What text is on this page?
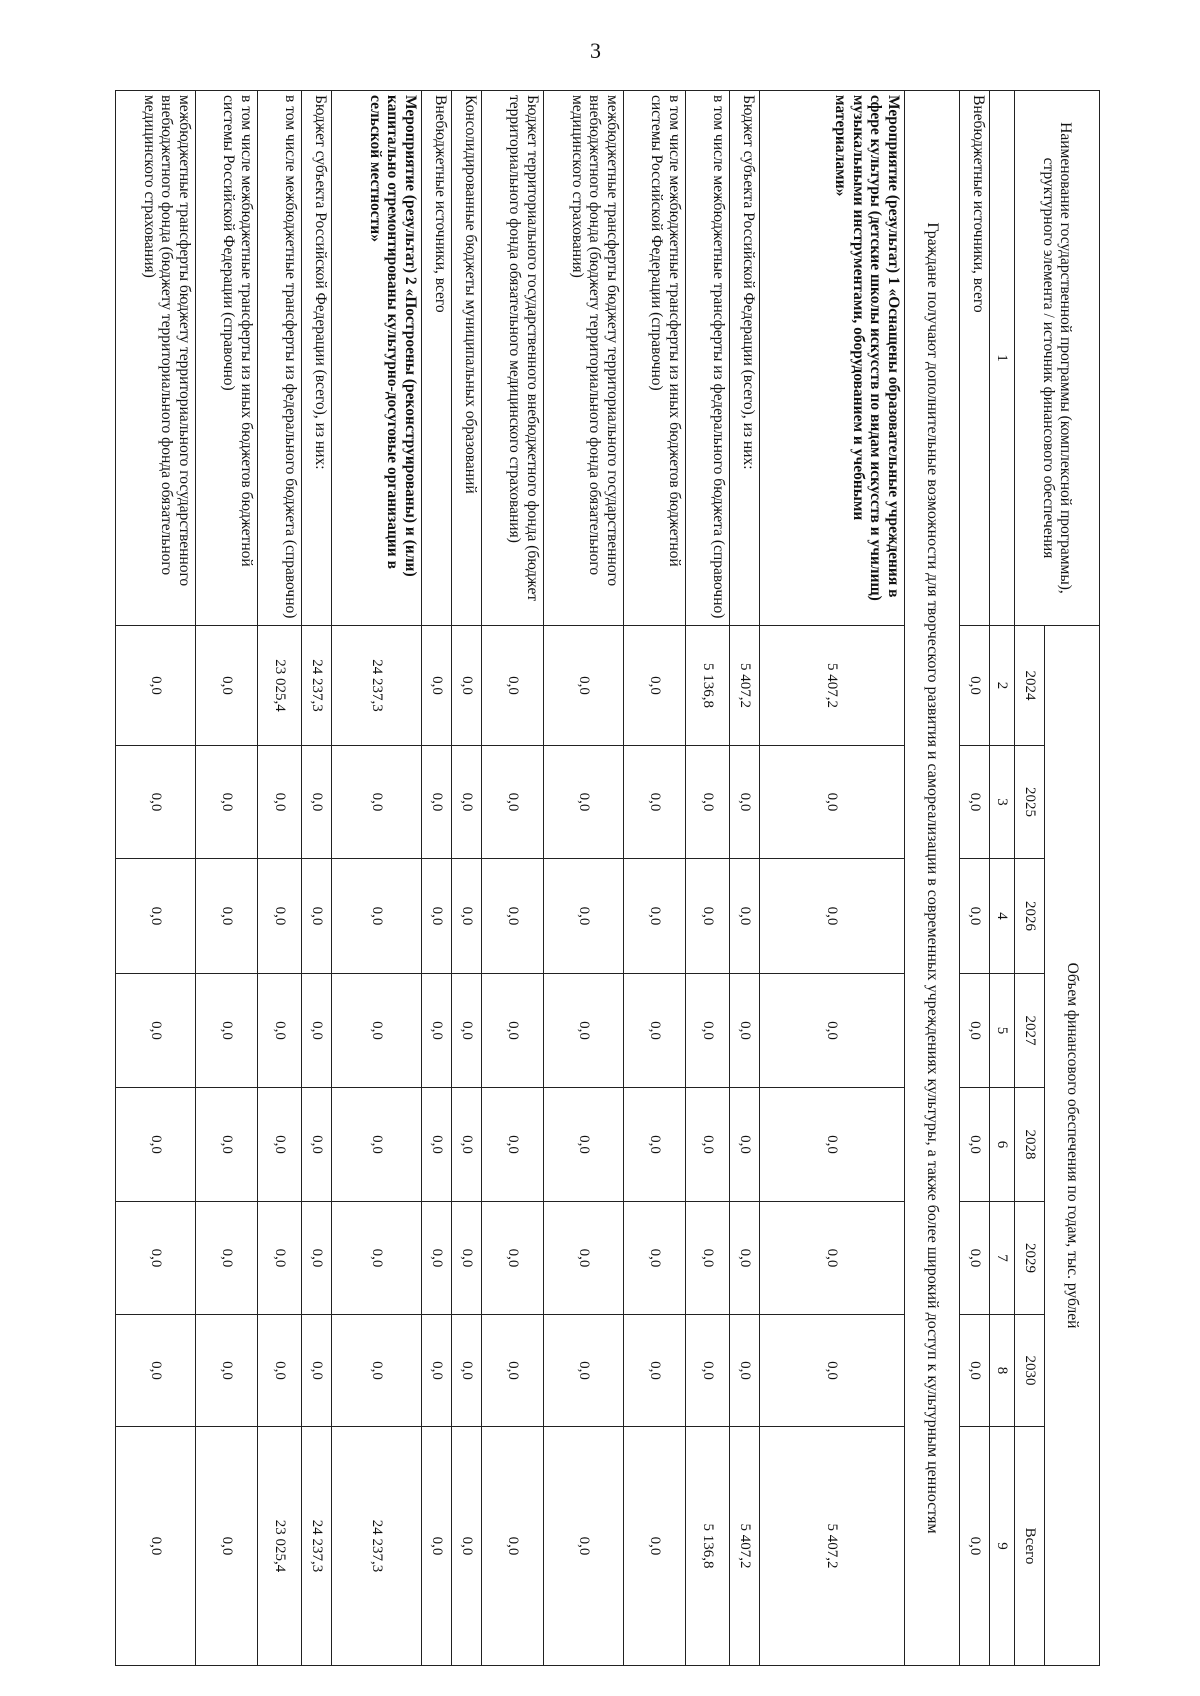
3
Наименование государственной программы (комплексной программы), структурного элемента / источник финансового обеспечения	Объем финансового обеспечения по годам, тыс. рублей							
	2024	2025	2026	2027	2028	2029	2030	Всего
1	2	3	4	5	6	7	8	9
Внебюджетные источники, всего	0,0	0,0	0,0	0,0	0,0	0,0	0,0	0,0
Граждане получают дополнительные возможности для творческого развития и самореализации в современных учреждениях культуры, а также более широкий доступ к культурным ценностям								
Мероприятие (результат) 1 «Оснащены образовательные учреждения в сфере культуры (детские школы искусств по видам искусств и училищ) музыкальными инструментами, оборудованием и учебными материалами»	5 407,2	0,0	0,0	0,0	0,0	0,0	0,0	5 407,2
Бюджет субъекта Российской Федерации (всего), из них:	5 407,2	0,0	0,0	0,0	0,0	0,0	0,0	5 407,2
в том числе межбюджетные трансферты из федерального бюджета (справочно)	5 136,8	0,0	0,0	0,0	0,0	0,0	0,0	5 136,8
в том числе межбюджетные трансферты из иных бюджетов бюджетной системы Российской Федерации (справочно)	0,0	0,0	0,0	0,0	0,0	0,0	0,0	0,0
межбюджетные трансферты бюджету территориального государственного внебюджетного фонда (бюджету территориального фонда обязательного медицинского страхования)	0,0	0,0	0,0	0,0	0,0	0,0	0,0	0,0
Бюджет территориального государственного внебюджетного фонда (бюджет территориального фонда обязательного медицинского страхования)	0,0	0,0	0,0	0,0	0,0	0,0	0,0	0,0
Консолидированные бюджеты муниципальных образований	0,0	0,0	0,0	0,0	0,0	0,0	0,0	0,0
Внебюджетные источники, всего	0,0	0,0	0,0	0,0	0,0	0,0	0,0	0,0
Мероприятие (результат) 2 «Построены (реконструированы) и (или) капитально отремонтированы культурно-досуговые организации в сельской местности»	24 237,3	0,0	0,0	0,0	0,0	0,0	0,0	24 237,3
Бюджет субъекта Российской Федерации (всего), из них:	24 237,3	0,0	0,0	0,0	0,0	0,0	0,0	24 237,3
в том числе межбюджетные трансферты из федерального бюджета (справочно)	23 025,4	0,0	0,0	0,0	0,0	0,0	0,0	23 025,4
в том числе межбюджетные трансферты из иных бюджетов бюджетной системы Российской Федерации (справочно)	0,0	0,0	0,0	0,0	0,0	0,0	0,0	0,0
межбюджетные трансферты бюджету территориального государственного внебюджетного фонда (бюджету территориального фонда обязательного медицинского страхования)	0,0	0,0	0,0	0,0	0,0	0,0	0,0	0,0
